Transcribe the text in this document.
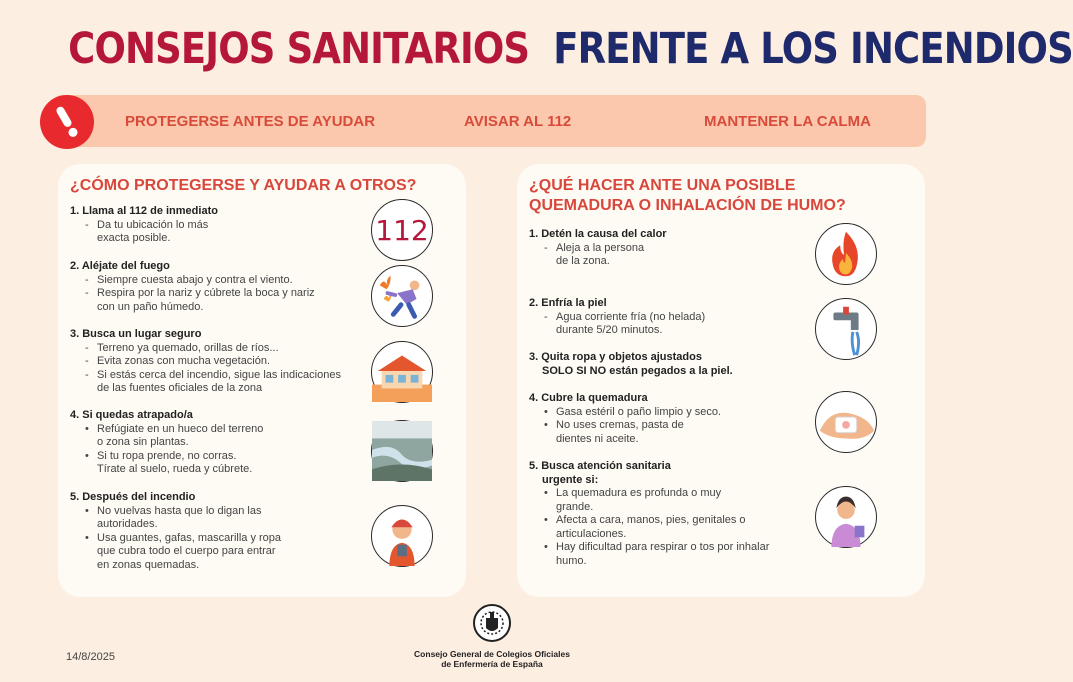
CONSEJOS SANITARIOS FRENTE A LOS INCENDIOS
PROTEGERSE ANTES DE AYUDAR	AVISAR AL 112	MANTENER LA CALMA
¿CÓMO PROTEGERSE Y AYUDAR A OTROS?
1. Llama al 112 de inmediato
- Da tu ubicación lo más
exacta posible.
2. Aléjate del fuego
- Siempre cuesta abajo y contra el viento.
- Respira por la nariz y cúbrete la boca y nariz
con un paño húmedo.
3. Busca un lugar seguro
- Terreno ya quemado, orillas de ríos...
- Evita zonas con mucha vegetación.
- Si estás cerca del incendio, sigue las indicaciones
de las fuentes oficiales de la zona
4. Si quedas atrapado/a
• Refúgiate en un hueco del terreno
o zona sin plantas.
• Si tu ropa prende, no corras.
Tírate al suelo, rueda y cúbrete.
5. Después del incendio
• No vuelvas hasta que lo digan las
autoridades.
• Usa guantes, gafas, mascarilla y ropa
que cubra todo el cuerpo para entrar
en zonas quemadas.
112
¿QUÉ HACER ANTE UNA POSIBLE
QUEMADURA O INHALACIÓN DE HUMO?
1. Detén la causa del calor
- Aleja a la persona
de la zona.
2. Enfría la piel
- Agua corriente fría (no helada)
durante 5/20 minutos.
3. Quita ropa y objetos ajustados
SOLO SI NO están pegados a la piel.
4. Cubre la quemadura
• Gasa estéril o paño limpio y seco.
• No uses cremas, pasta de
dientes ni aceite.
5. Busca atención sanitaria
urgente si:
• La quemadura es profunda o muy
grande.
• Afecta a cara, manos, pies, genitales o
articulaciones.
• Hay dificultad para respirar o tos por inhalar
humo.
14/8/2025	Consejo General de Colegios Oficiales
de Enfermería de España
